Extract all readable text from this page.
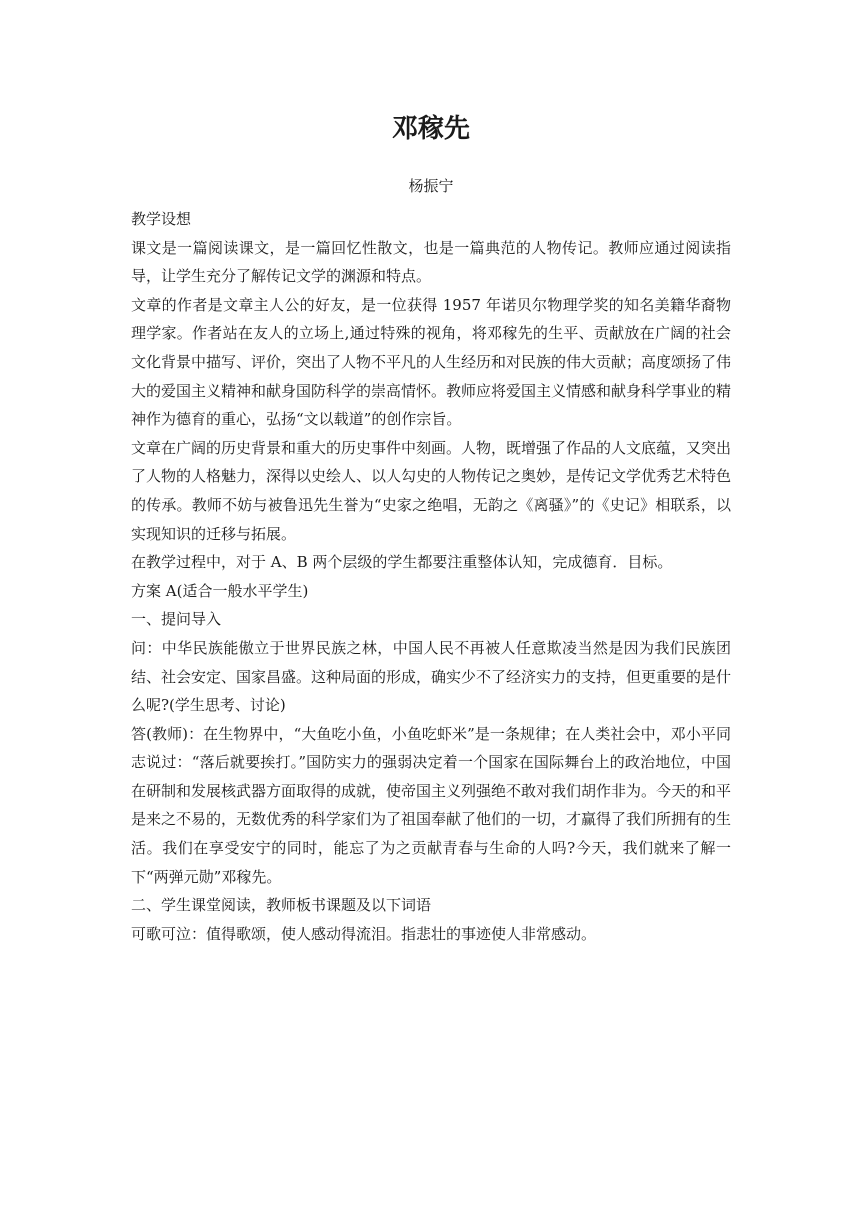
邓稼先

杨振宁

教学设想

课文是一篇阅读课文，是一篇回忆性散文，也是一篇典范的人物传记。教师应通过阅读指导，让学生充分了解传记文学的渊源和特点。

文章的作者是文章主人公的好友，是一位获得 1957 年诺贝尔物理学奖的知名美籍华裔物理学家。作者站在友人的立场上,通过特殊的视角，将邓稼先的生平、贡献放在广阔的社会文化背景中描写、评价，突出了人物不平凡的人生经历和对民族的伟大贡献；高度颂扬了伟大的爱国主义精神和献身国防科学的崇高情怀。教师应将爱国主义情感和献身科学事业的精神作为德育的重心，弘扬“文以载道”的创作宗旨。

文章在广阔的历史背景和重大的历史事件中刻画。人物，既增强了作品的人文底蕴，又突出了人物的人格魅力，深得以史绘人、以人勾史的人物传记之奥妙，是传记文学优秀艺术特色的传承。教师不妨与被鲁迅先生誉为“史家之绝唱，无韵之《离骚》”的《史记》相联系，以实现知识的迁移与拓展。

在教学过程中，对于 A、B 两个层级的学生都要注重整体认知，完成德育．目标。

方案 A(适合一般水平学生)

一、提问导入

问：中华民族能傲立于世界民族之林，中国人民不再被人任意欺凌当然是因为我们民族团结、社会安定、国家昌盛。这种局面的形成，确实少不了经济实力的支持，但更重要的是什么呢?(学生思考、讨论)

答(教师)：在生物界中，“大鱼吃小鱼，小鱼吃虾米”是一条规律；在人类社会中，邓小平同志说过：“落后就要挨打。”国防实力的强弱决定着一个国家在国际舞台上的政治地位，中国在研制和发展核武器方面取得的成就，使帝国主义列强绝不敢对我们胡作非为。今天的和平是来之不易的，无数优秀的科学家们为了祖国奉献了他们的一切，才赢得了我们所拥有的生活。我们在享受安宁的同时，能忘了为之贡献青春与生命的人吗?今天，我们就来了解一下“两弹元勋”邓稼先。

二、学生课堂阅读，教师板书课题及以下词语

可歌可泣：值得歌颂，使人感动得流泪。指悲壮的事迹使人非常感动。
